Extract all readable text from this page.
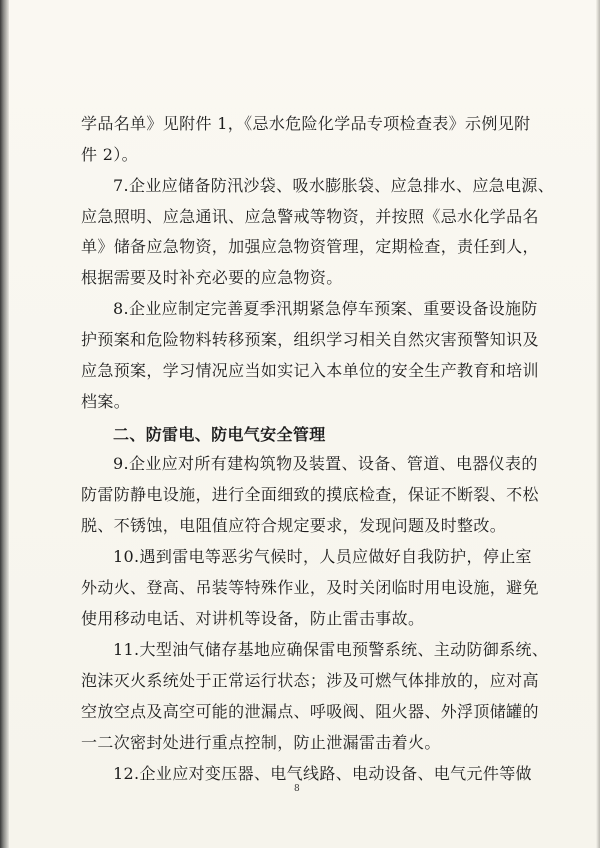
学品名单》见附件 1，《忌水危险化学品专项检查表》示例见附
件 2）。
7.企业应储备防汛沙袋、吸水膨胀袋、应急排水、应急电源、
应急照明、应急通讯、应急警戒等物资，并按照《忌水化学品名
单》储备应急物资，加强应急物资管理，定期检查，责任到人，
根据需要及时补充必要的应急物资。
8.企业应制定完善夏季汛期紧急停车预案、重要设备设施防
护预案和危险物料转移预案，组织学习相关自然灾害预警知识及
应急预案，学习情况应当如实记入本单位的安全生产教育和培训
档案。
二、防雷电、防电气安全管理
9.企业应对所有建构筑物及装置、设备、管道、电器仪表的
防雷防静电设施，进行全面细致的摸底检查，保证不断裂、不松
脱、不锈蚀，电阻值应符合规定要求，发现问题及时整改。
10.遇到雷电等恶劣气候时，人员应做好自我防护，停止室
外动火、登高、吊装等特殊作业，及时关闭临时用电设施，避免
使用移动电话、对讲机等设备，防止雷击事故。
11.大型油气储存基地应确保雷电预警系统、主动防御系统、
泡沫灭火系统处于正常运行状态；涉及可燃气体排放的，应对高
空放空点及高空可能的泄漏点、呼吸阀、阻火器、外浮顶储罐的
一二次密封处进行重点控制，防止泄漏雷击着火。
12.企业应对变压器、电气线路、电动设备、电气元件等做
8
